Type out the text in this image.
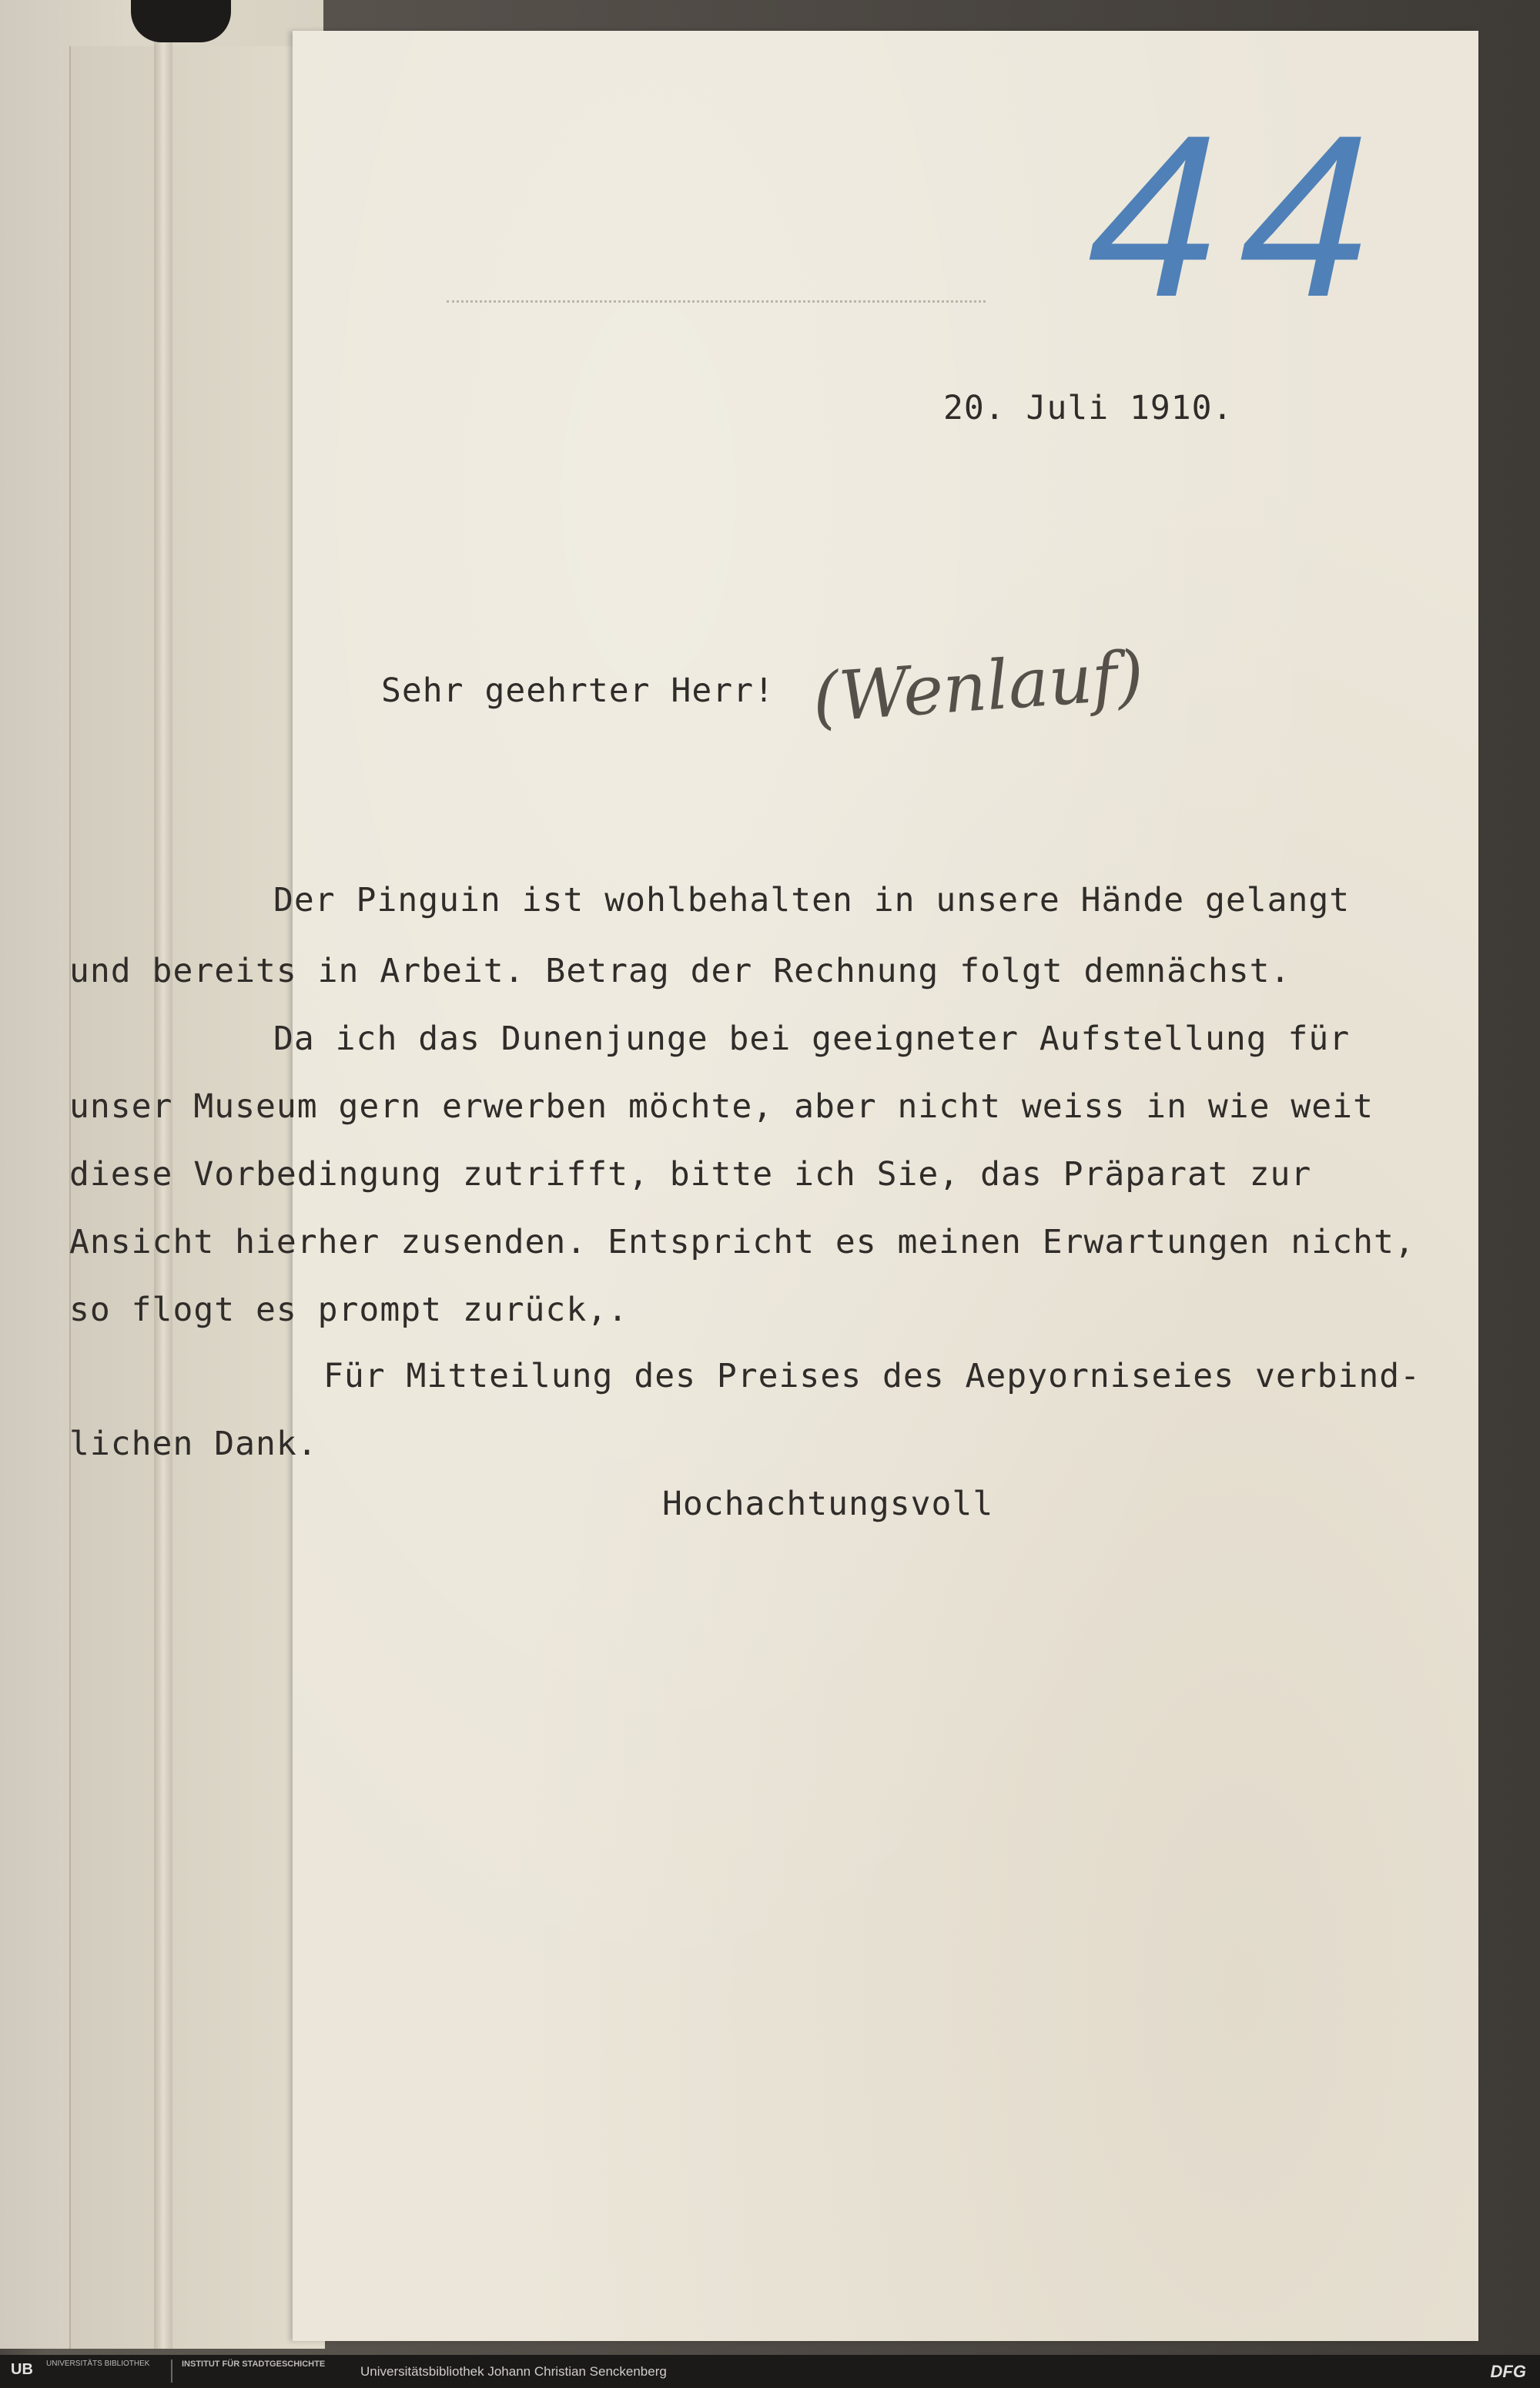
44
20. Juli 1910.
Sehr geehrter Herr! (Wenlauf)
Der Pinguin ist wohlbehalten in unsere Hände gelangt
und bereits in Arbeit. Betrag der Rechnung folgt demnächst.
Da ich das Dunenjunge bei geeigneter Aufstellung für
unser Museum gern erwerben möchte, aber nicht weiss in wie weit
diese Vorbedingung zutrifft, bitte ich Sie, das Präparat zur
Ansicht hierher zusenden. Entspricht es meinen Erwartungen nicht,
so flogt es prompt zurück,.
Für Mitteilung des Preises des Aepyorniseies verbind-
lichen Dank.
Hochachtungsvoll
UB UNIVERSITÄTS BIBLIOTHEK	INSTITUT FÜR STADTGESCHICHTE	Universitätsbibliothek Johann Christian Senckenberg	DFG
